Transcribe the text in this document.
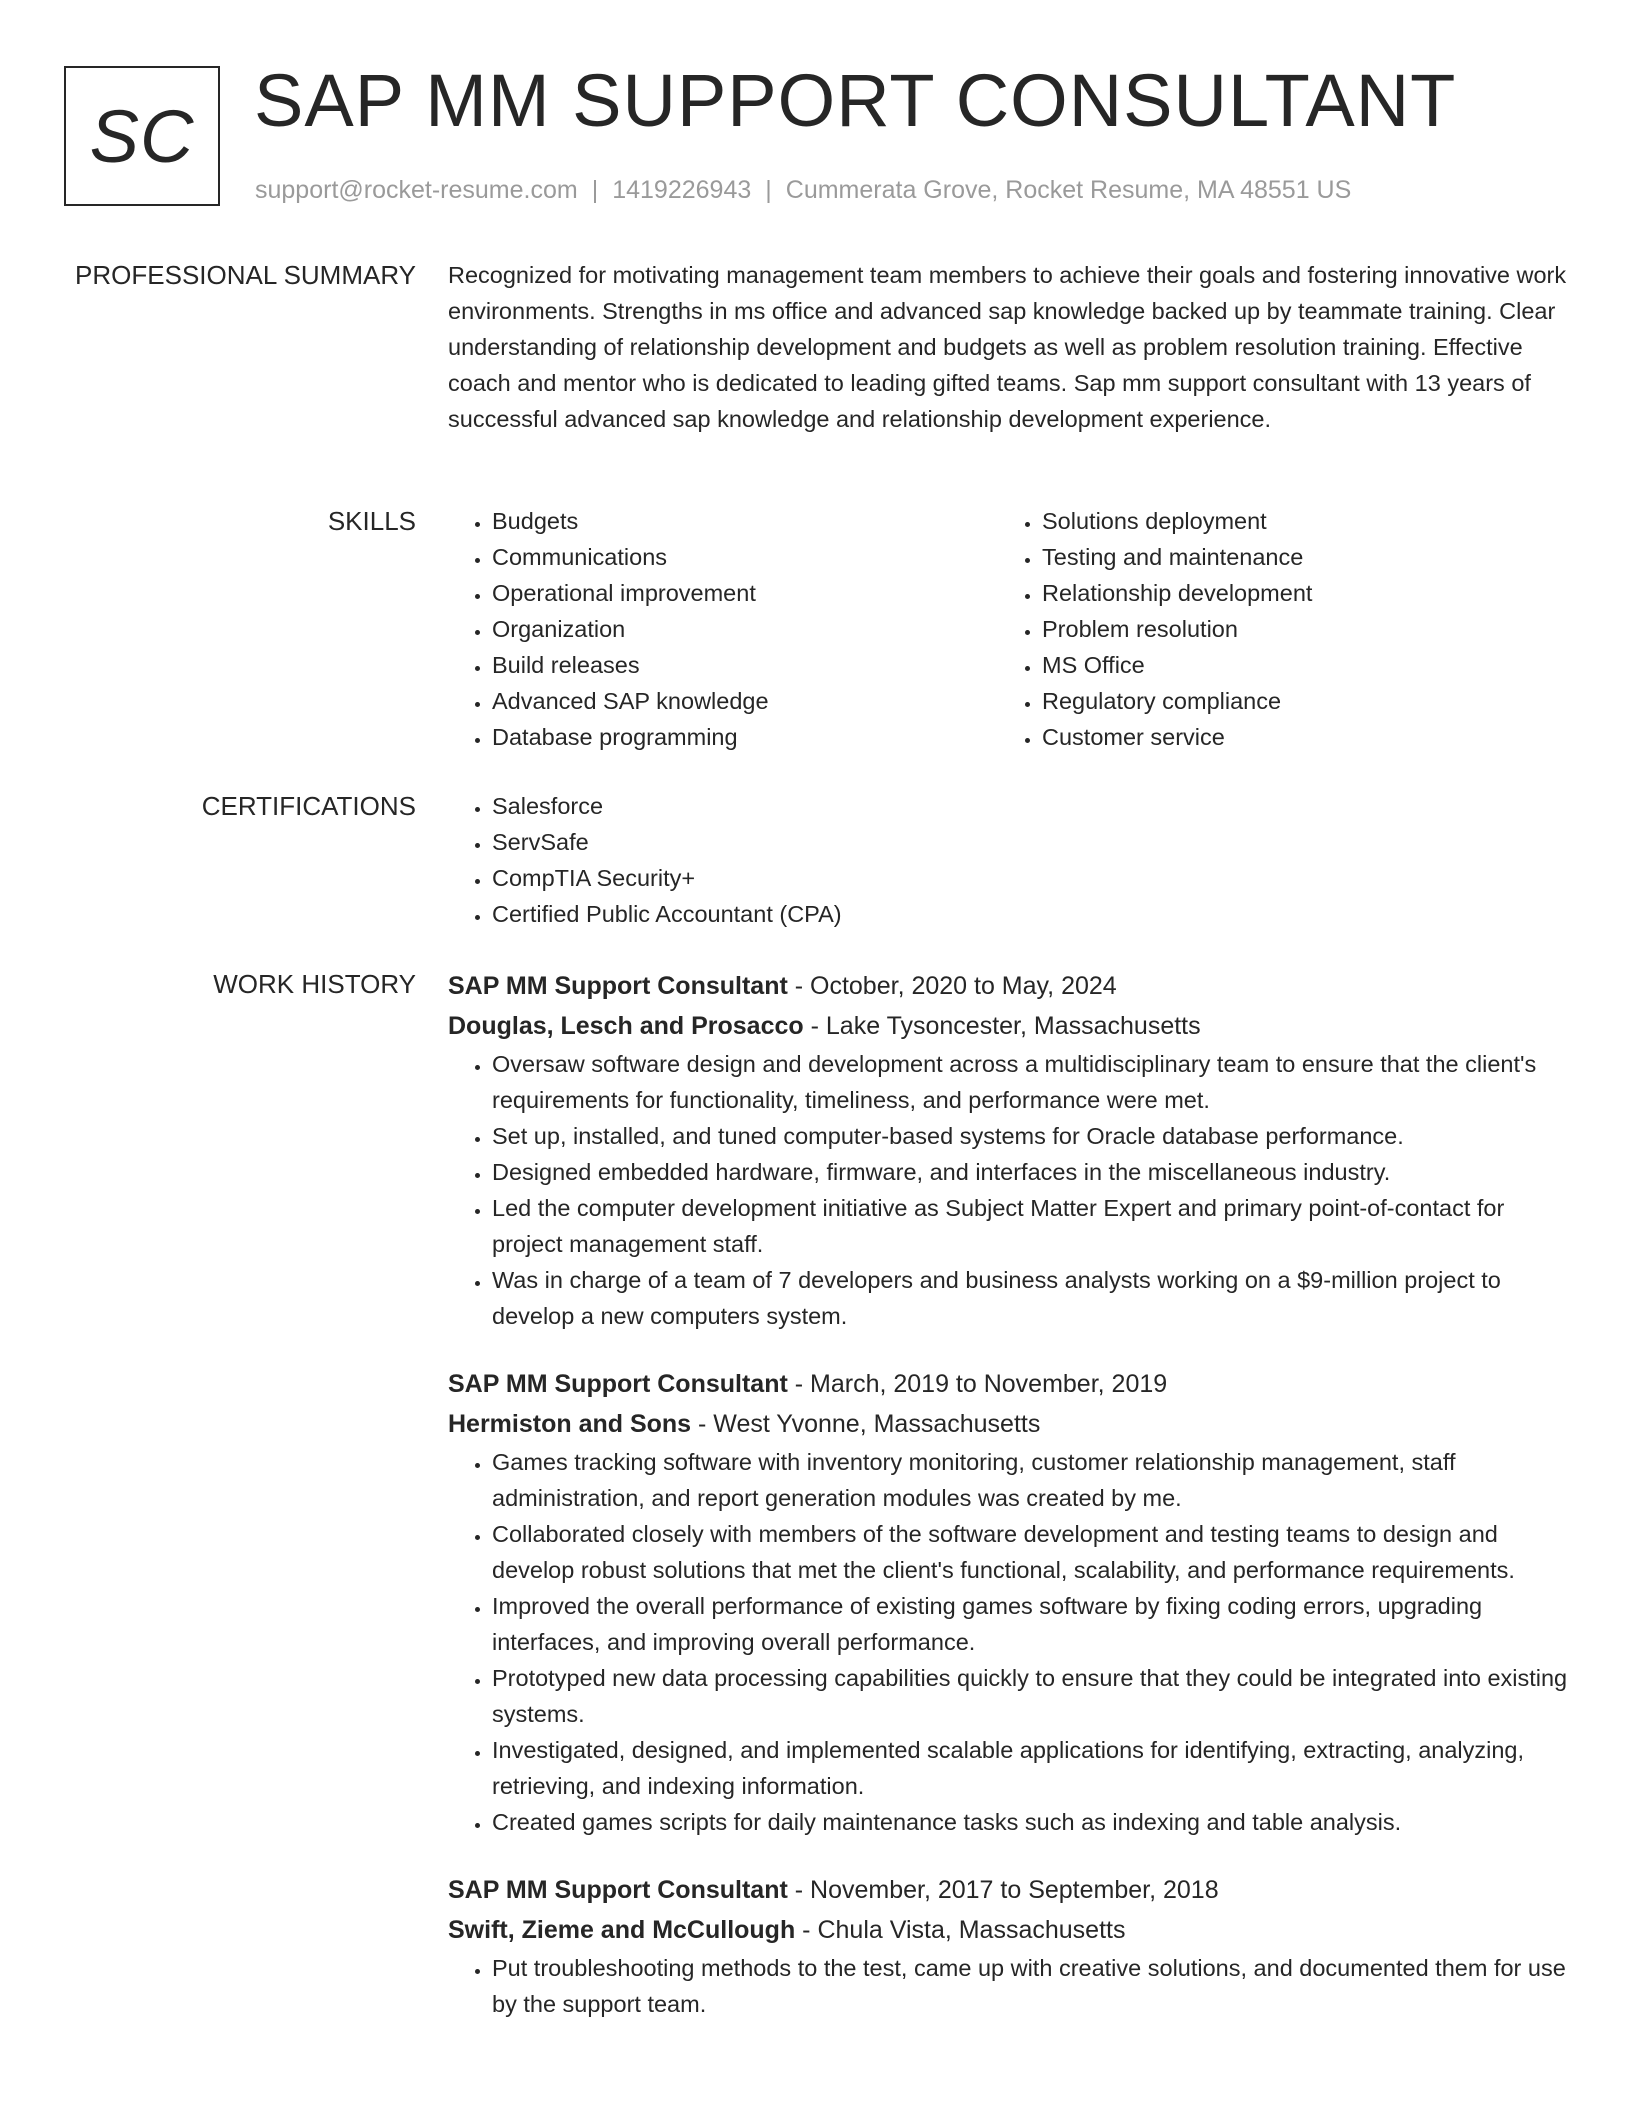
SC SAP MM SUPPORT CONSULTANT
support@rocket-resume.com | 1419226943 | Cummerata Grove, Rocket Resume, MA 48551 US
PROFESSIONAL SUMMARY Recognized for motivating management team members to achieve their goals and fostering innovative work environments. Strengths in ms office and advanced sap knowledge backed up by teammate training. Clear understanding of relationship development and budgets as well as problem resolution training. Effective coach and mentor who is dedicated to leading gifted teams. Sap mm support consultant with 13 years of successful advanced sap knowledge and relationship development experience.

SKILLS	• Budgets
• Communications
• Operational improvement
• Organization
• Build releases
• Advanced SAP knowledge
• Database programming
• Solutions deployment
• Testing and maintenance
• Relationship development
• Problem resolution
• MS Office
• Regulatory compliance
• Customer service
CERTIFICATIONS	• Salesforce
• ServSafe
• CompTIA Security+
• Certified Public Accountant (CPA)
WORK HISTORY SAP MM Support Consultant - October, 2020 to May, 2024
Douglas, Lesch and Prosacco - Lake Tysoncester, Massachusetts
• Oversaw software design and development across a multidisciplinary team to ensure that the client's requirements for functionality, timeliness, and performance were met.
• Set up, installed, and tuned computer-based systems for Oracle database performance.
• Designed embedded hardware, firmware, and interfaces in the miscellaneous industry.
• Led the computer development initiative as Subject Matter Expert and primary point-of-contact for project management staff.
• Was in charge of a team of 7 developers and business analysts working on a $9-million project to develop a new computers system.
SAP MM Support Consultant - March, 2019 to November, 2019
Hermiston and Sons - West Yvonne, Massachusetts
• Games tracking software with inventory monitoring, customer relationship management, staff administration, and report generation modules was created by me.
• Collaborated closely with members of the software development and testing teams to design and develop robust solutions that met the client's functional, scalability, and performance requirements.
• Improved the overall performance of existing games software by fixing coding errors, upgrading interfaces, and improving overall performance.
• Prototyped new data processing capabilities quickly to ensure that they could be integrated into existing systems.
• Investigated, designed, and implemented scalable applications for identifying, extracting, analyzing, retrieving, and indexing information.
• Created games scripts for daily maintenance tasks such as indexing and table analysis.
SAP MM Support Consultant - November, 2017 to September, 2018
Swift, Zieme and McCullough - Chula Vista, Massachusetts
• Put troubleshooting methods to the test, came up with creative solutions, and documented them for use by the support team.
